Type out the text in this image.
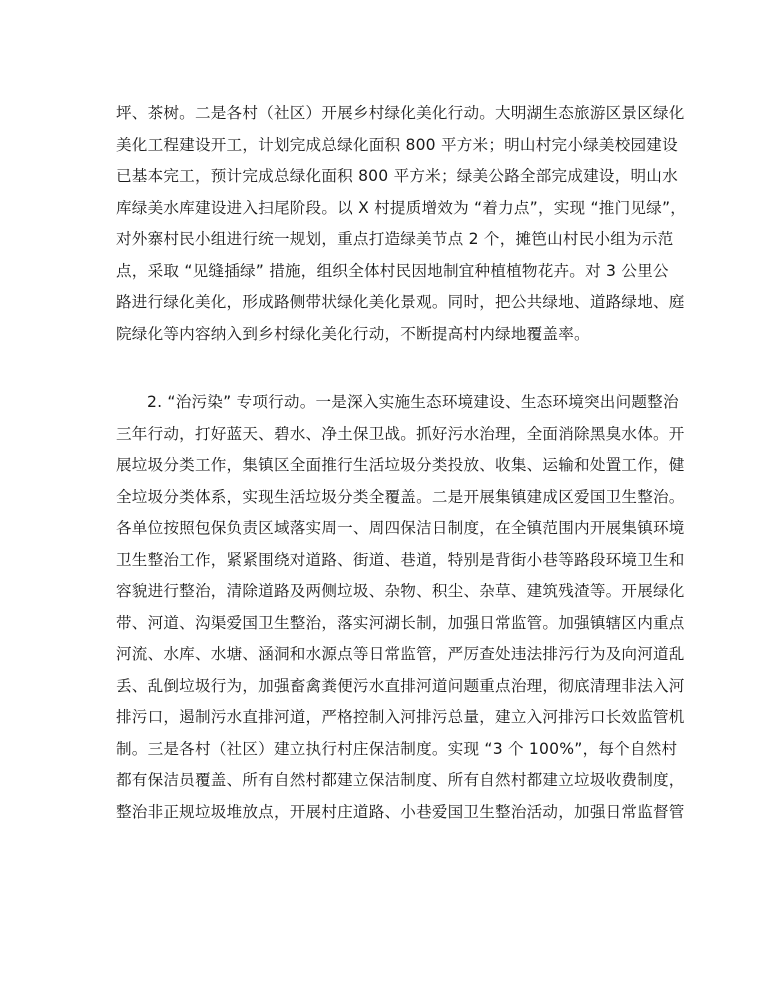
坪、茶树。二是各村（社区）开展乡村绿化美化行动。大明湖生态旅游区景区绿化
美化工程建设开工，计划完成总绿化面积 800 平方米；明山村完小绿美校园建设
已基本完工，预计完成总绿化面积 800 平方米；绿美公路全部完成建设，明山水
库绿美水库建设进入扫尾阶段。以 X 村提质增效为 “着力点”，实现 “推门见绿”，
对外寨村民小组进行统一规划，重点打造绿美节点 2 个，摊笆山村民小组为示范
点，采取 “见缝插绿” 措施，组织全体村民因地制宜种植植物花卉。对 3 公里公
路进行绿化美化，形成路侧带状绿化美化景观。同时，把公共绿地、道路绿地、庭
院绿化等内容纳入到乡村绿化美化行动，不断提高村内绿地覆盖率。
2. “治污染” 专项行动。一是深入实施生态环境建设、生态环境突出问题整治
三年行动，打好蓝天、碧水、净土保卫战。抓好污水治理，全面消除黑臭水体。开
展垃圾分类工作，集镇区全面推行生活垃圾分类投放、收集、运输和处置工作，健
全垃圾分类体系，实现生活垃圾分类全覆盖。二是开展集镇建成区爱国卫生整治。
各单位按照包保负责区域落实周一、周四保洁日制度，在全镇范围内开展集镇环境
卫生整治工作，紧紧围绕对道路、街道、巷道，特别是背街小巷等路段环境卫生和
容貌进行整治，清除道路及两侧垃圾、杂物、积尘、杂草、建筑残渣等。开展绿化
带、河道、沟渠爱国卫生整治，落实河湖长制，加强日常监管。加强镇辖区内重点
河流、水库、水塘、涵洞和水源点等日常监管，严厉查处违法排污行为及向河道乱
丢、乱倒垃圾行为，加强畜禽粪便污水直排河道问题重点治理，彻底清理非法入河
排污口，遏制污水直排河道，严格控制入河排污总量，建立入河排污口长效监管机
制。三是各村（社区）建立执行村庄保洁制度。实现 “3 个 100%”，每个自然村
都有保洁员覆盖、所有自然村都建立保洁制度、所有自然村都建立垃圾收费制度，
整治非正规垃圾堆放点，开展村庄道路、小巷爱国卫生整治活动，加强日常监督管
